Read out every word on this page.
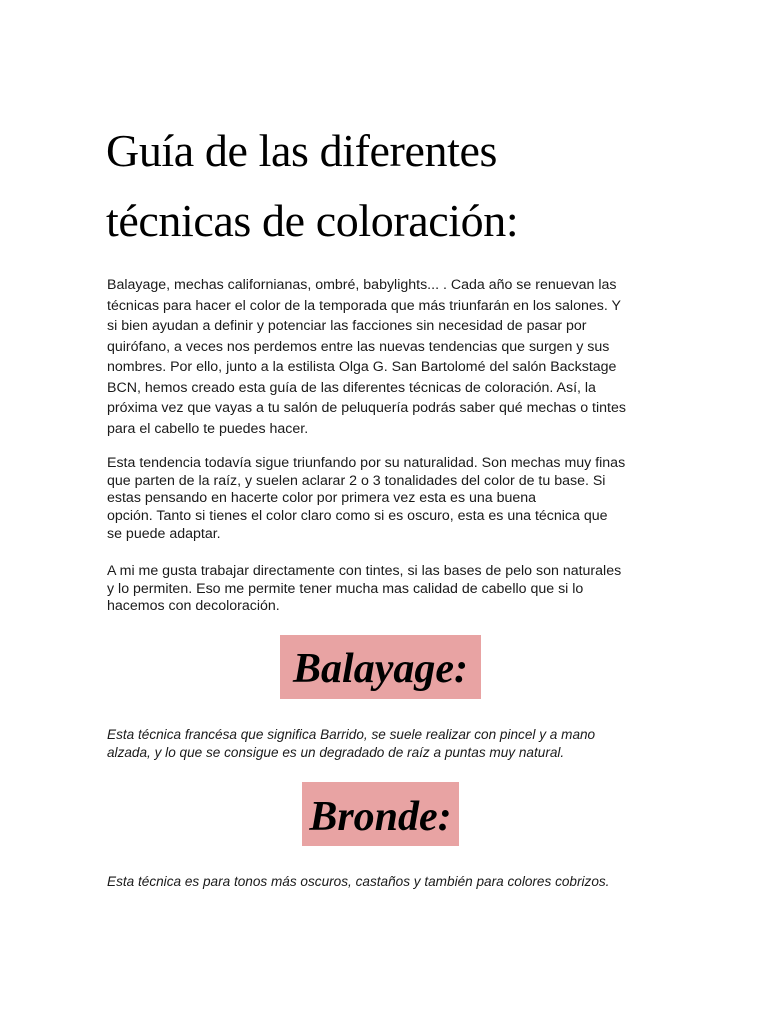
Guía de las diferentes
técnicas de coloración:

Balayage, mechas californianas, ombré, babylights... . Cada año se renuevan las
técnicas para hacer el color de la temporada que más triunfarán en los salones. Y
si bien ayudan a definir y potenciar las facciones sin necesidad de pasar por
quirófano, a veces nos perdemos entre las nuevas tendencias que surgen y sus
nombres. Por ello, junto a la estilista Olga G. San Bartolomé del salón Backstage
BCN, hemos creado esta guía de las diferentes técnicas de coloración. Así, la
próxima vez que vayas a tu salón de peluquería podrás saber qué mechas o tintes
para el cabello te puedes hacer.

Esta tendencia todavía sigue triunfando por su naturalidad. Son mechas muy finas
que parten de la raíz, y suelen aclarar 2 o 3 tonalidades del color de tu base. Si
estas pensando en hacerte color por primera vez esta es una buena
opción. Tanto si tienes el color claro como si es oscuro, esta es una técnica que
se puede adaptar.

A mi me gusta trabajar directamente con tintes, si las bases de pelo son naturales
y lo permiten. Eso me permite tener mucha mas calidad de cabello que si lo
hacemos con decoloración.

Balayage:

Esta técnica francésa que significa Barrido, se suele realizar con pincel y a mano
alzada, y lo que se consigue es un degradado de raíz a puntas muy natural.

Bronde:

Esta técnica es para tonos más oscuros, castaños y también para colores cobrizos.
